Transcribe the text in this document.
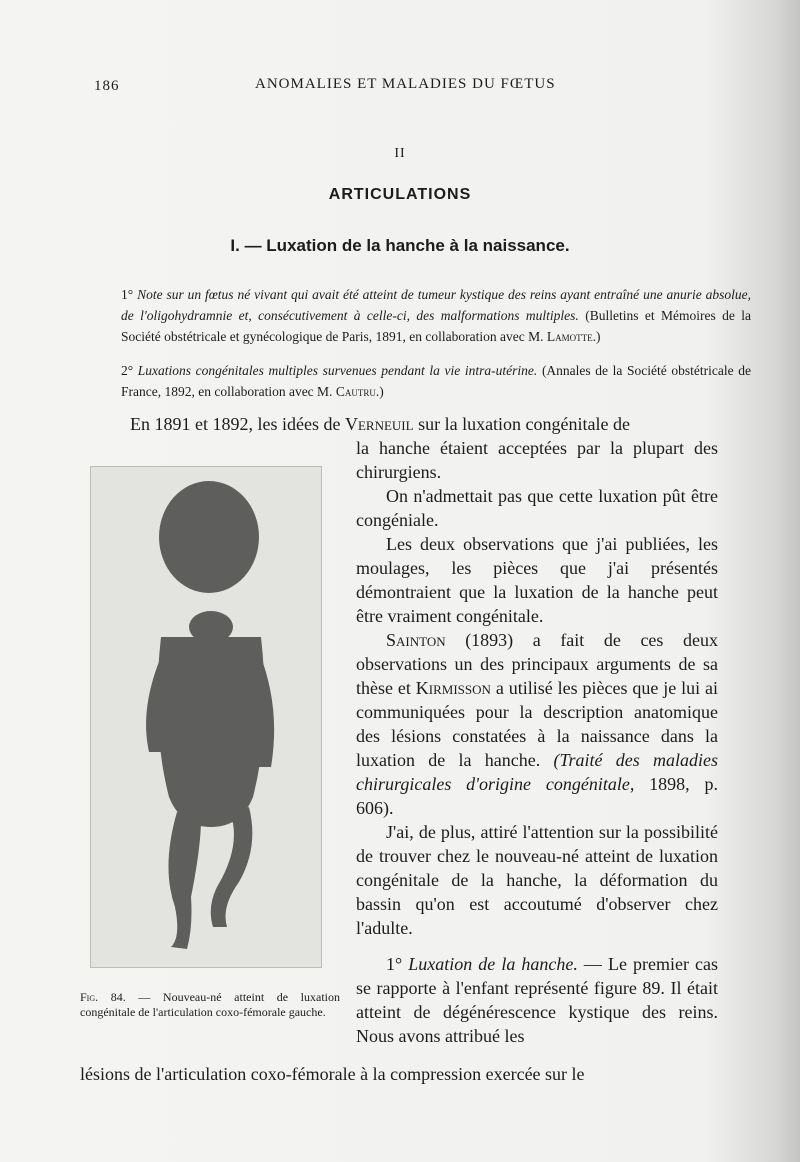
186	ANOMALIES ET MALADIES DU FŒTUS
II
ARTICULATIONS
I. — Luxation de la hanche à la naissance.

1° Note sur un fœtus né vivant qui avait été atteint de tumeur kystique des reins ayant entraîné une anurie absolue, de l'oligohydramnie et, consécutivement à celle-ci, des malformations multiples. (Bulletins et Mémoires de la Société obstétricale et gynécologique de Paris, 1891, en collaboration avec M. Lamotte.)

2° Luxations congénitales multiples survenues pendant la vie intra-utérine. (Annales de la Société obstétricale de France, 1892, en collaboration avec M. Cautru.)

En 1891 et 1892, les idées de Verneuil sur la luxation congénitale de

la hanche étaient acceptées par la plupart des chirurgiens.

On n'admettait pas que cette luxation pût être congéniale.

Les deux observations que j'ai publiées, les moulages, les pièces que j'ai présentés démontraient que la luxation de la hanche peut être vraiment congénitale.

Sainton (1893) a fait de ces deux observations un des principaux arguments de sa thèse et Kirmisson a utilisé les pièces que je lui ai communiquées pour la description anatomique des lésions constatées à la naissance dans la luxation de la hanche. (Traité des maladies chirurgicales d'origine congénitale, 1898, p. 606).

J'ai, de plus, attiré l'attention sur la possibilité de trouver chez le nouveau-né atteint de luxation congénitale de la hanche, la déformation du bassin qu'on est accoutumé d'observer chez l'adulte.

1° Luxation de la hanche. — Le premier cas se rapporte à l'enfant représenté figure 89. Il était atteint de dégénérescence kystique des reins. Nous avons attribué les

Fig. 84. — Nouveau-né atteint de luxation congénitale de l'articulation coxo-fémorale gauche.
lésions de l'articulation coxo-fémorale à la compression exercée sur le
